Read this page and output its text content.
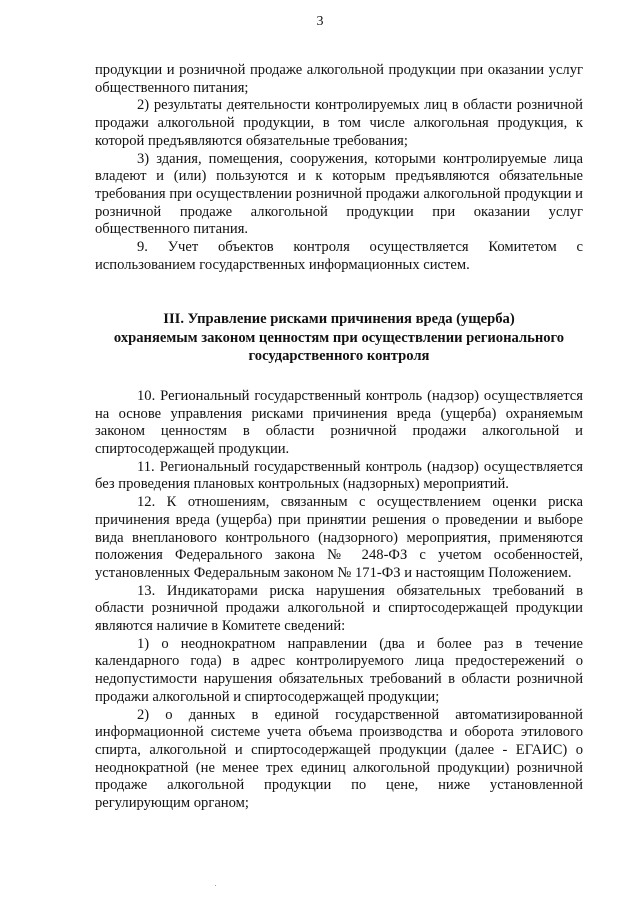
3

продукции и розничной продаже алкогольной продукции при оказании услуг общественного питания;

2) результаты деятельности контролируемых лиц в области розничной продажи алкогольной продукции, в том числе алкогольная продукция, к которой предъявляются обязательные требования;

3) здания, помещения, сооружения, которыми контролируемые лица владеют и (или) пользуются и к которым предъявляются обязательные требования при осуществлении розничной продажи алкогольной продукции и розничной продаже алкогольной продукции при оказании услуг общественного питания.

9. Учет объектов контроля осуществляется Комитетом с использованием государственных информационных систем.

III. Управление рисками причинения вреда (ущерба)
охраняемым законом ценностям при осуществлении регионального
государственного контроля

10. Региональный государственный контроль (надзор) осуществляется на основе управления рисками причинения вреда (ущерба) охраняемым законом ценностям в области розничной продажи алкогольной и спиртосодержащей продукции.

11. Региональный государственный контроль (надзор) осуществляется без проведения плановых контрольных (надзорных) мероприятий.

12. К отношениям, связанным с осуществлением оценки риска причинения вреда (ущерба) при принятии решения о проведении и выборе вида внепланового контрольного (надзорного) мероприятия, применяются положения Федерального закона № 248-ФЗ с учетом особенностей, установленных Федеральным законом № 171-ФЗ и настоящим Положением.

13. Индикаторами риска нарушения обязательных требований в области розничной продажи алкогольной и спиртосодержащей продукции являются наличие в Комитете сведений:

1) о неоднократном направлении (два и более раз в течение календарного года) в адрес контролируемого лица предостережений о недопустимости нарушения обязательных требований в области розничной продажи алкогольной и спиртосодержащей продукции;

2) о данных в единой государственной автоматизированной информационной системе учета объема производства и оборота этилового спирта, алкогольной и спиртосодержащей продукции (далее - ЕГАИС) о неоднократной (не менее трех единиц алкогольной продукции) розничной продаже алкогольной продукции по цене, ниже установленной регулирующим органом;
